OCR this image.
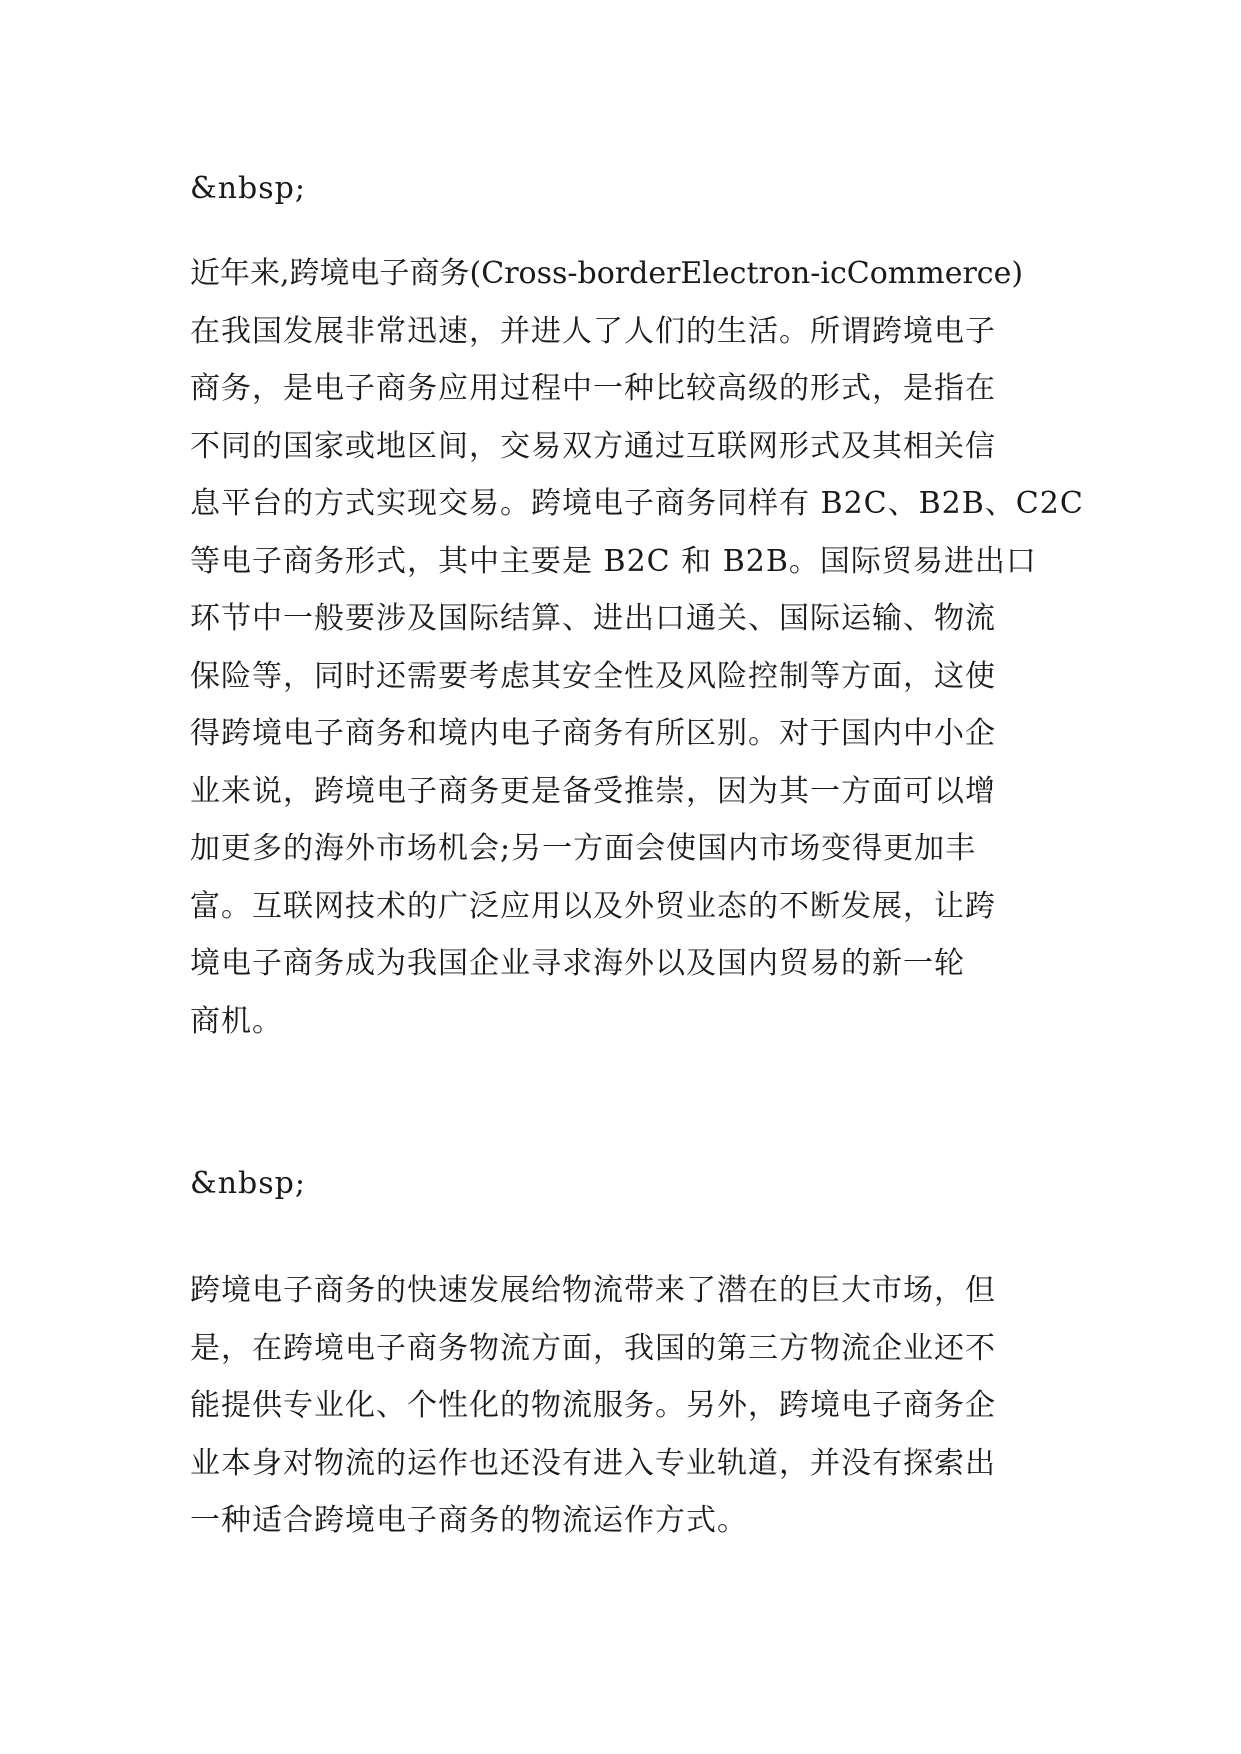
&nbsp;
近年来,跨境电子商务(Cross-borderElectron-icCommerce)
在我国发展非常迅速，并进人了人们的生活。所谓跨境电子
商务，是电子商务应用过程中一种比较高级的形式，是指在
不同的国家或地区间，交易双方通过互联网形式及其相关信
息平台的方式实现交易。跨境电子商务同样有 B2C、B2B、C2C
等电子商务形式，其中主要是 B2C 和 B2B。国际贸易进出口
环节中一般要涉及国际结算、进出口通关、国际运输、物流
保险等，同时还需要考虑其安全性及风险控制等方面，这使
得跨境电子商务和境内电子商务有所区别。对于国内中小企
业来说，跨境电子商务更是备受推崇，因为其一方面可以增
加更多的海外市场机会;另一方面会使国内市场变得更加丰
富。互联网技术的广泛应用以及外贸业态的不断发展，让跨
境电子商务成为我国企业寻求海外以及国内贸易的新一轮
商机。
&nbsp;
跨境电子商务的快速发展给物流带来了潜在的巨大市场，但
是，在跨境电子商务物流方面，我国的第三方物流企业还不
能提供专业化、个性化的物流服务。另外，跨境电子商务企
业本身对物流的运作也还没有进入专业轨道，并没有探索出
一种适合跨境电子商务的物流运作方式。
